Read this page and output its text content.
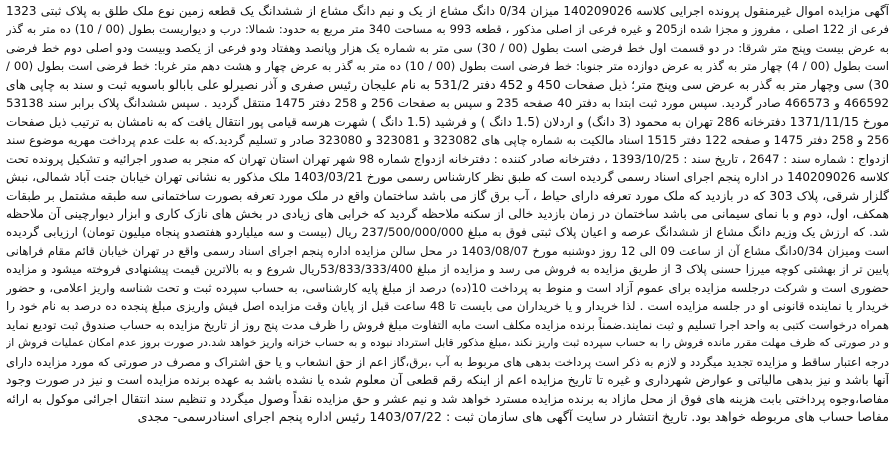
آگهی مزایده اموال غیرمنقول پرونده اجرایی کلاسه 140209026 میزان 0/34 دانگ مشاع از یک و نیم دانگ مشاع از ششدانگ یک قطعه زمین نوع ملک طلق به پلاک ثبتی 1323
فرعی از 122 اصلی ، مفروز و مجزا شده از205 و غیره فرعی از اصلی مذکور ، قطعه 993 به مساحت 340 متر مربع به حدود: شمالا: درب و دیواریست بطول (00 / 10) ده متر به گذر
به عرض بیست وپنج متر شرقا: در دو قسمت اول خط فرضی است بطول (00 / 30) سی متر به شماره یک هزار وپانصد وهفتاد ودو فرعی از یکصد وبیست ودو اصلی دوم خط فرضی
است بطول (00 / 4) چهار متر به گذر به عرض دوازده متر جنوبا: خط فرضی است بطول (00 / 10) ده متر به گذر به عرض چهار و هشت دهم متر غربا: خط فرضی است بطول (00 /
30) سی وچهار متر به گذر به عرض سی وپنج متر؛ ذیل صفحات 450 و 452 دفتر 531/2 به نام علیجان رئیس صفری و آذر نصیرلو علی بابالو باسویه ثبت و سند به چاپی های
466592 و 466573 صادر گردید. سپس مورد ثبت ابتدا به دفتر 40 صفحه 235 و سپس به صفحات 256 و 258 دفتر 1475 منتقل گردید . سپس ششدانگ پلاک برابر سند 53138
مورخ 1371/11/15 دفترخانه 286 تهران به محمود (3 دانگ) و اردلان (1.5 دانگ ) و فرشید (1.5 دانگ ) شهرت هرسه قیامی پور انتقال یافت که به نامشان به ترتیب ذیل صفحات
256 و 258 دفتر 1475 و صفحه 122 دفتر 1515 اسناد مالکیت به شماره چاپی های 323082 و 323081 و 323080 صادر و تسلیم گردید.که به علت عدم پرداخت مهریه موضوع سند
ازدواج : شماره سند : 2647 ، تاریخ سند : 1393/10/25 ، دفترخانه صادر کننده : دفترخانه ازدواج شماره 98 شهر تهران استان تهران که منجر به صدور اجرائیه و تشکیل پرونده تحت
کلاسه 140209026 در اداره پنجم اجرای اسناد رسمی گردیده است که طبق نظر کارشناس رسمی مورخ 1403/03/21 ملک مذکور به نشانی تهران خیابان جنت آباد شمالی، نبش
گلزار شرقی، پلاک 303 که در بازدید که ملک مورد تعرفه دارای حیاط ، آب برق گاز می باشد ساختمان واقع در ملک مورد تعرفه بصورت ساختمانی سه طبقه مشتمل بر طبقات
همکف، اول، دوم و با نمای سیمانی می باشد ساختمان در زمان بازدید خالی از سکنه ملاحظه گردید که خرابی های زیادی در بخش های نازک کاری و ابزار دیوارچینی آن ملاحظه
شد. که ارزش یک وزیم دانگ مشاع از ششدانگ عرصه و اعیان پلاک ثبتی فوق به مبلغ 237/500/000/000 ریال (بیست و سه میلیاردو هفتصدو پنجاه میلیون تومان) ارزیابی گردیده
است ومیزان 0/34دانگ مشاع آن از ساعت 09 الی 12 روز دوشنبه مورخ 1403/08/07 در محل سالن مزایده اداره پنجم اجرای اسناد رسمی واقع در تهران خیابان قائم مقام فراهانی
پایین تر از بهشتی کوچه میرزا حسنی پلاک 3 از طریق مزایده به فروش می رسد و مزایده از مبلغ 53/833/333/400ریال شروع و به بالاترین قیمت پیشنهادی فروخته میشود و مزایده
حضوری است و شرکت درجلسه مزایده برای عموم آزاد است و منوط به پرداخت 10(ده) درصد از مبلغ پایه کارشناسی، به حساب سپرده ثبت و تحت شناسه واریز اعلامی، و حضور
خریدار یا نماینده قانونی او در جلسه مزایده است . لذا خریدار و یا خریداران می بایست تا 48 ساعت قبل از پایان وقت مزایده اصل فیش واریزی مبلغ پنجده ده درصد به نام خود را
همراه درخواست کتبی به واحد اجرا تسلیم و ثبت نمایند.ضمناً برنده مزایده مکلف است مابه التفاوت مبلغ فروش را ظرف مدت پنج روز از تاریخ مزایده به حساب صندوق ثبت تودیع نماید
و در صورتی که ظرف مهلت مقرر مانده فروش را به حساب سپرده ثبت واریز نکند ،مبلغ مذکور قابل استرداد نبوده و به حساب خزانه واریز خواهد شد.در صورت بروز عدم امکان عملیات فروش از
درجه اعتبار ساقط و مزایده تجدید میگردد و لازم به ذکر است پرداخت بدهی های مربوط به آب ،برق،گاز اعم از حق انشعاب و یا حق اشتراک و مصرف در صورتی که مورد مزایده دارای
آنها باشد و نیز بدهی مالیاتی و عوارض شهرداری و غیره تا تاریخ مزایده اعم از اینکه رقم قطعی آن معلوم شده یا نشده باشد به عهده برنده مزایده است و نیز در صورت وجود
مفاصا،وجوه پرداختی بابت هزینه های فوق از محل مازاد به برنده مزایده مسترد خواهد شد و نیم عشر و حق مزایده نقداً وصول میگردد و تنظیم سند انتقال اجرائی موکول به ارائه
مفاصا حساب های مربوطه خواهد بود. تاریخ انتشار در سایت آگهی های سازمان ثبت : 1403/07/22 رئیس اداره پنجم اجرای اسنادرسمی- مجدی
